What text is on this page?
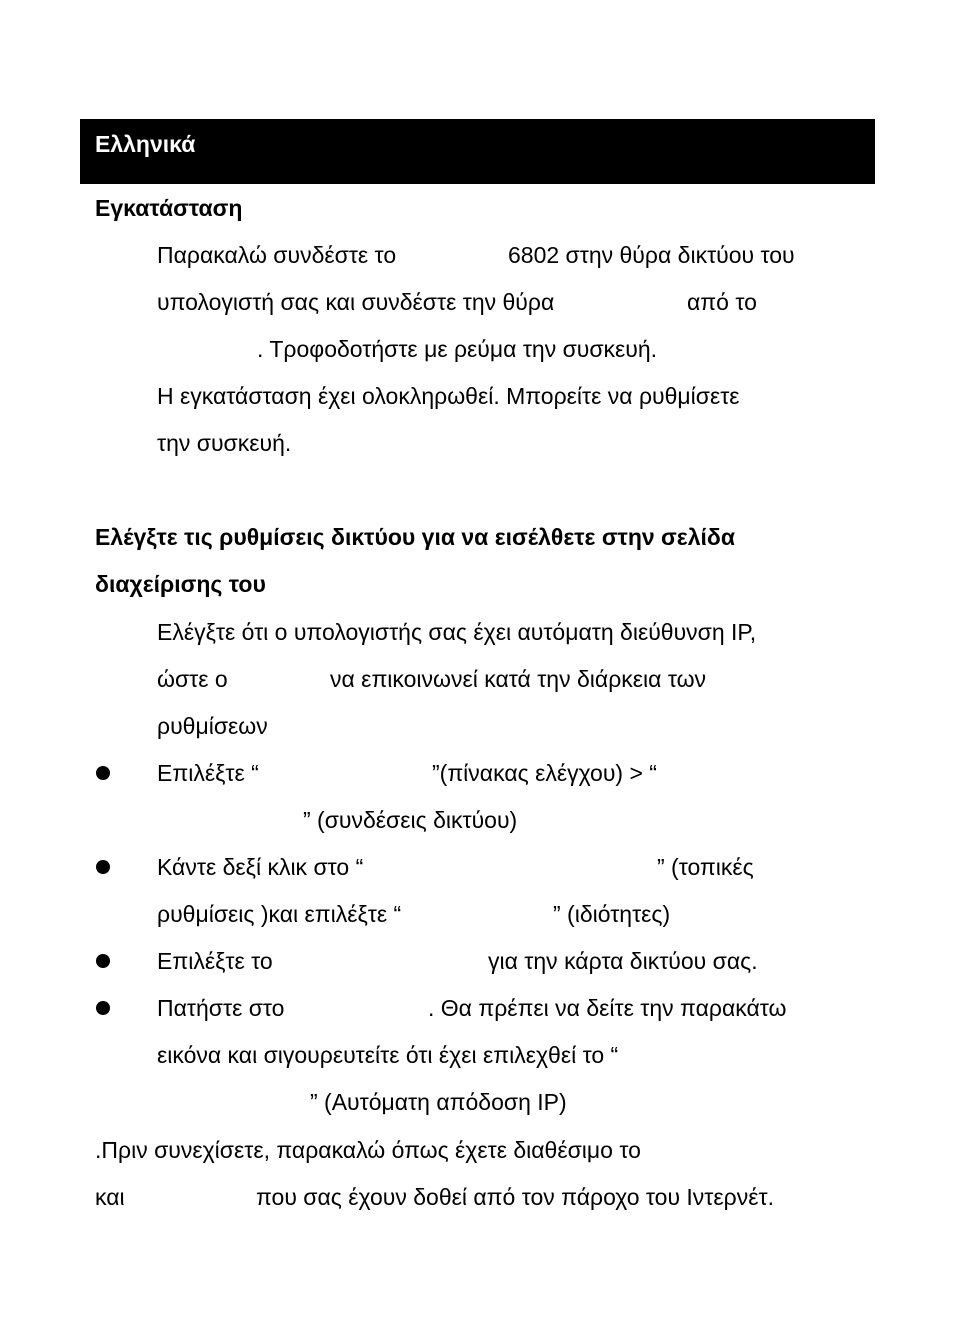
Ελληνικά
Εγκατάσταση
Παρακαλώ συνδέστε το	6802 στην θύρα δικτύου του
υπολογιστή σας και συνδέστε την θύρα	από το
. Τροφοδοτήστε με ρεύμα την συσκευή.
Η εγκατάσταση έχει ολοκληρωθεί. Μπορείτε να ρυθμίσετε
την συσκευή.
Ελέγξτε τις ρυθμίσεις δικτύου για να εισέλθετε στην σελίδα
διαχείρισης του
Ελέγξτε ότι ο υπολογιστής σας έχει αυτόματη διεύθυνση IP,
ώστε ο	να επικοινωνεί κατά την διάρκεια των
ρυθμίσεων
Επιλέξτε “	”(πίνακας ελέγχου) > “
” (συνδέσεις δικτύου)
Κάντε δεξί κλικ στο “	” (τοπικές
ρυθμίσεις )και επιλέξτε “	” (ιδιότητες)
Επιλέξτε το	για την κάρτα δικτύου σας.
Πατήστε στο	. Θα πρέπει να δείτε την παρακάτω
εικόνα και σιγουρευτείτε ότι έχει επιλεχθεί το “
” (Αυτόματη απόδοση IP)
.Πριν συνεχίσετε, παρακαλώ όπως έχετε διαθέσιμο το
και	που σας έχουν δοθεί από τον πάροχο του Ιντερνέτ.
